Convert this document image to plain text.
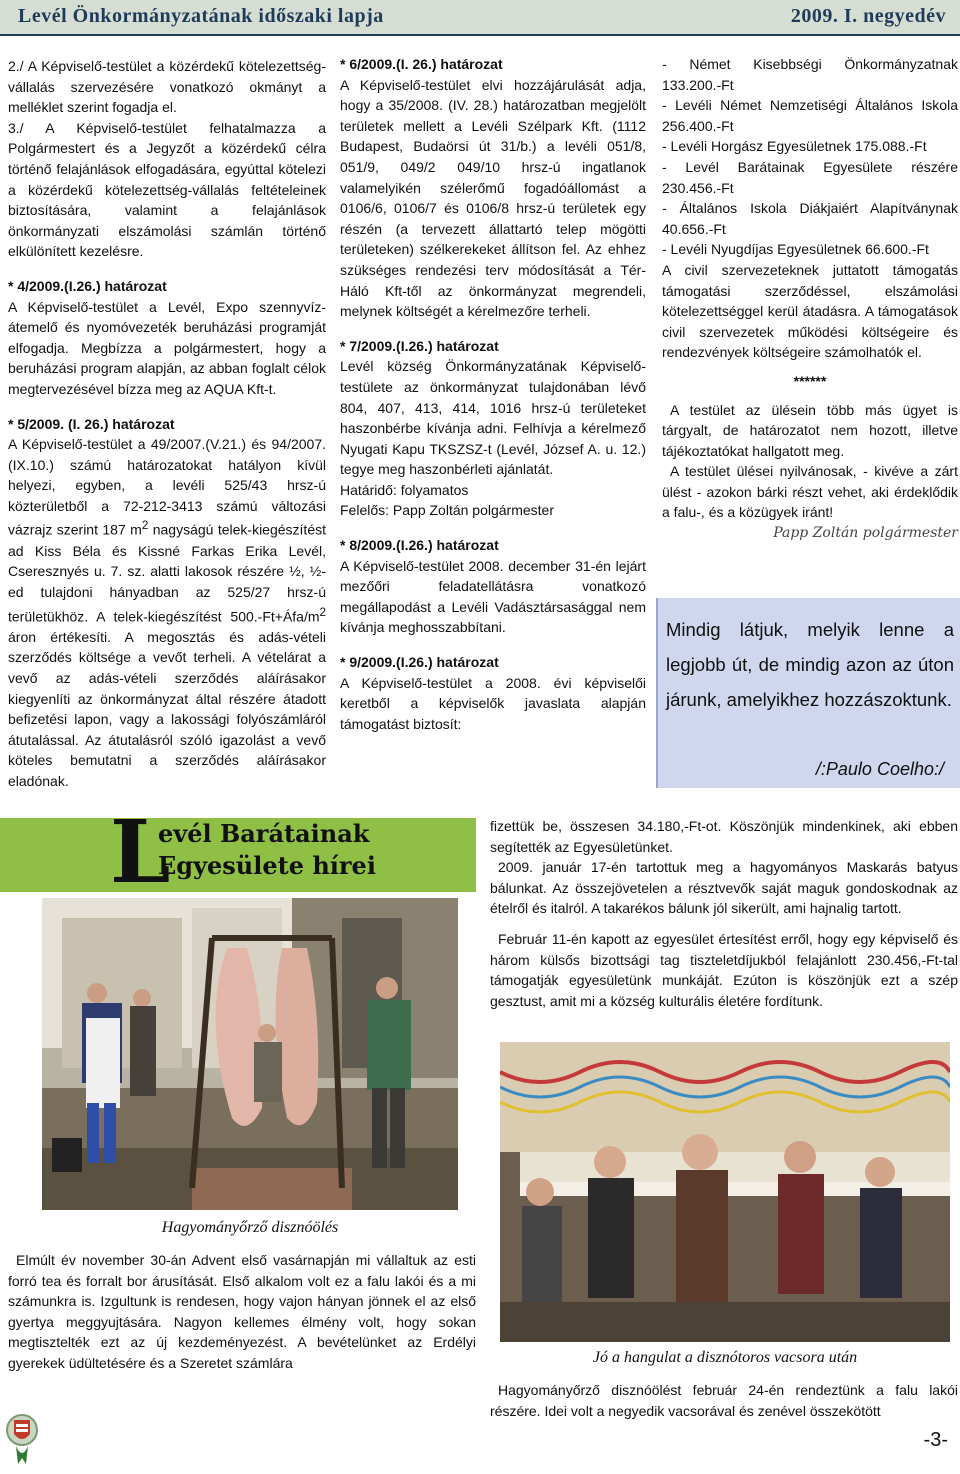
Levél Önkormányzatának időszaki lapja	2009. I. negyedév

2./ A Képviselő-testület a közérdekű kötelezettség-vállalás szervezésére vonatkozó okmányt a melléklet szerint fogadja el.

3./ A Képviselő-testület felhatalmazza a Polgármestert és a Jegyzőt a közérdekű célra történő felajánlások elfogadására, egyúttal kötelezi a közérdekű kötelezettség-vállalás feltételeinek biztosítására, valamint a felajánlások önkormányzati elszámolási számlán történő elkülönített kezelésre.

* 4/2009.(I.26.) határozat

A Képviselő-testület a Levél, Expo szennyvíz-átemelő és nyomóvezeték beruházási programját elfogadja. Megbízza a polgármestert, hogy a beruházási program alapján, az abban foglalt célok megtervezésével bízza meg az AQUA Kft-t.

* 5/2009. (I. 26.) határozat

A Képviselő-testület a 49/2007.(V.21.) és 94/2007.(IX.10.) számú határozatokat hatályon kívül helyezi, egyben, a levéli 525/43 hrsz-ú közterületből a 72-212-3413 számú változási vázrajz szerint 187 $m^2$ nagyságú telek-kiegészítést ad Kiss Béla és Kissné Farkas Erika Levél, Cseresznyés u. 7. sz. alatti lakosok részére ½, ½-ed tulajdoni hányadban az 525/27 hrsz-ú területükhöz. A telek-kiegészítést $500.-Ft+Áfa/m^2$ áron értékesíti. A megosztás és adás-vételi szerződés költsége a vevőt terheli. A vételárat a vevő az adás-vételi szerződés aláírásakor kiegyenlíti az önkormányzat által részére átadott befizetési lapon, vagy a lakossági folyószámláról átutalással. Az átutalásról szóló igazolást a vevő köteles bemutatni a szerződés aláírásakor eladónak.

* 6/2009.(I. 26.) határozat

A Képviselő-testület elvi hozzájárulását adja, hogy a 35/2008. (IV. 28.) határozatban megjelölt területek mellett a Levéli Szélpark Kft. (1112 Budapest, Budaörsi út 31/b.) a levéli 051/8, 051/9, 049/2 049/10 hrsz-ú ingatlanok valamelyikén szélerőmű fogadóállomást a 0106/6, 0106/7 és 0106/8 hrsz-ú területek egy részén (a tervezett állattartó telep mögötti területeken) szélkerekeket állítson fel. Az ehhez szükséges rendezési terv módosítását a Tér-Háló Kft-től az önkormányzat megrendeli, melynek költségét a kérelmezőre terheli.

* 7/2009.(I.26.) határozat

Levél község Önkormányzatának Képviselő-testülete az önkormányzat tulajdonában lévő 804, 407, 413, 414, 1016 hrsz-ú területeket haszonbérbe kívánja adni. Felhívja a kérelmező Nyugati Kapu TKSZSZ-t (Levél, József A. u. 12.) tegye meg haszonbérleti ajánlatát.

Határidő: folyamatos

Felelős: Papp Zoltán polgármester

* 8/2009.(I.26.) határozat

A Képviselő-testület 2008. december 31-én lejárt mezőőri feladatellátásra vonatkozó megállapodást a Levéli Vadásztársasággal nem kívánja meghosszabbítani.

* 9/2009.(I.26.) határozat

A Képviselő-testület a 2008. évi képviselői keretből a képviselők javaslata alapján támogatást biztosít:

- Német Kisebbségi Önkormányzatnak 133.200.-Ft

- Levéli Német Nemzetiségi Általános Iskola 256.400.-Ft

- Levéli Horgász Egyesületnek 175.088.-Ft

- Levél Barátainak Egyesülete részére 230.456.-Ft

- Általános Iskola Diákjaiért Alapítványnak 40.656.-Ft

- Levéli Nyugdíjas Egyesületnek 66.600.-Ft

A civil szervezeteknek juttatott támogatás támogatási szerződéssel, elszámolási kötelezettséggel kerül átadásra. A támogatások civil szervezetek működési költségeire és rendezvények költségeire számolhatók el.

******

A testület az ülésein több más ügyet is tárgyalt, de határozatot nem hozott, illetve tájékoztatókat hallgatott meg.

A testület ülései nyilvánosak, - kivéve a zárt ülést - azokon bárki részt vehet, aki érdeklődik a falu-, és a közügyek iránt!

Papp Zoltán polgármester

Mindig látjuk, melyik lenne a legjobb út, de mindig azon az úton járunk, amelyikhez hozzászoktunk.

/:Paulo Coelho:/

L
evél Barátainak
Egyesülete hírei
Hagyományőrző disznóölés
Elmúlt év november 30-án Advent első vasárnapján mi vállaltuk az esti forró tea és forralt bor árusítását. Első alkalom volt ez a falu lakói és a mi számunkra is. Izgultunk is rendesen, hogy vajon hányan jönnek el az első gyertya meggyujtására. Nagyon kellemes élmény volt, hogy sokan megtisztelték ezt az új kezdeményezést. A bevételünket az Erdélyi gyerekek üdültetésére és a Szeretet számlára

fizettük be, összesen 34.180,-Ft-ot. Köszönjük mindenkinek, aki ebben segítették az Egyesületünket.

2009. január 17-én tartottuk meg a hagyományos Maskarás batyus bálunkat. Az összejövetelen a résztvevők saját maguk gondoskodnak az ételről és italról. A takarékos bálunk jól sikerült, ami hajnalig tartott.

Február 11-én kapott az egyesület értesítést erről, hogy egy képviselő és három külsős bizottsági tag tiszteletdíjukból felajánlott 230.456,-Ft-tal támogatják egyesületünk munkáját. Ezúton is köszönjük ezt a szép gesztust, amit mi a község kulturális életére fordítunk.

Jó a hangulat a disznótoros vacsora után
Hagyományőrző disznóölést február 24-én rendeztünk a falu lakói részére. Idei volt a negyedik vacsorával és zenével összekötött
-3-
